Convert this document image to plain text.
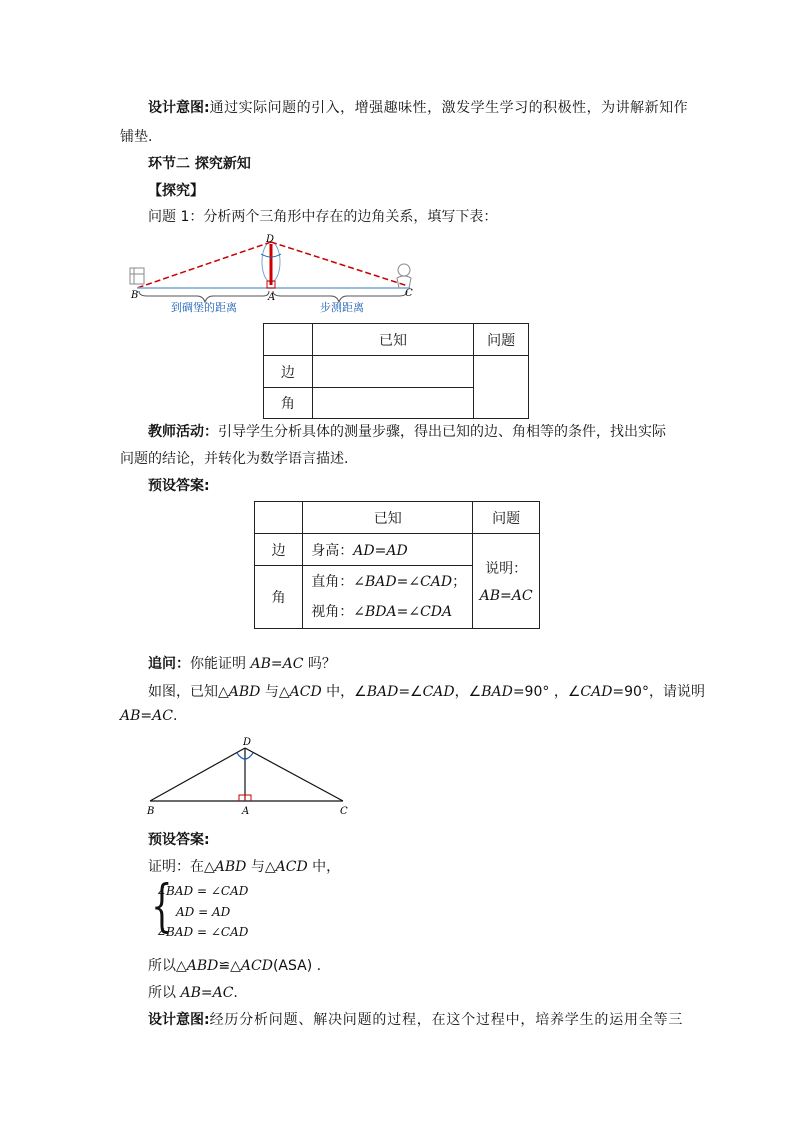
设计意图:通过实际问题的引入，增强趣味性，激发学生学习的积极性，为讲解新知作
铺垫.
环节二 探究新知
【探究】
问题 1：分析两个三角形中存在的边角关系，填写下表：
D
A
B	C
到碉堡的距离	步测距离
	已知	问题
边		
角		
教师活动：引导学生分析具体的测量步骤，得出已知的边、角相等的条件，找出实际
问题的结论，并转化为数学语言描述.
预设答案:
	已知	问题
边	身高：AD=AD	说明：
AB=AC

角	直角：∠BAD=∠CAD；
视角：∠BDA=∠CDA	
追问：你能证明 AB=AC 吗？
如图，已知△ABD 与△ACD 中，∠BAD=∠CAD，∠BAD=90° ，∠CAD=90°，请说明
AB=AC.
D
A
B	C
预设答案:
证明：在△ABD 与△ACD 中，
{
∠BAD = ∠CAD
AD = AD
∠BAD = ∠CAD
所以△ABD≌△ACD(ASA) .
所以 AB=AC.
设计意图:经历分析问题、解决问题的过程，在这个过程中，培养学生的运用全等三
